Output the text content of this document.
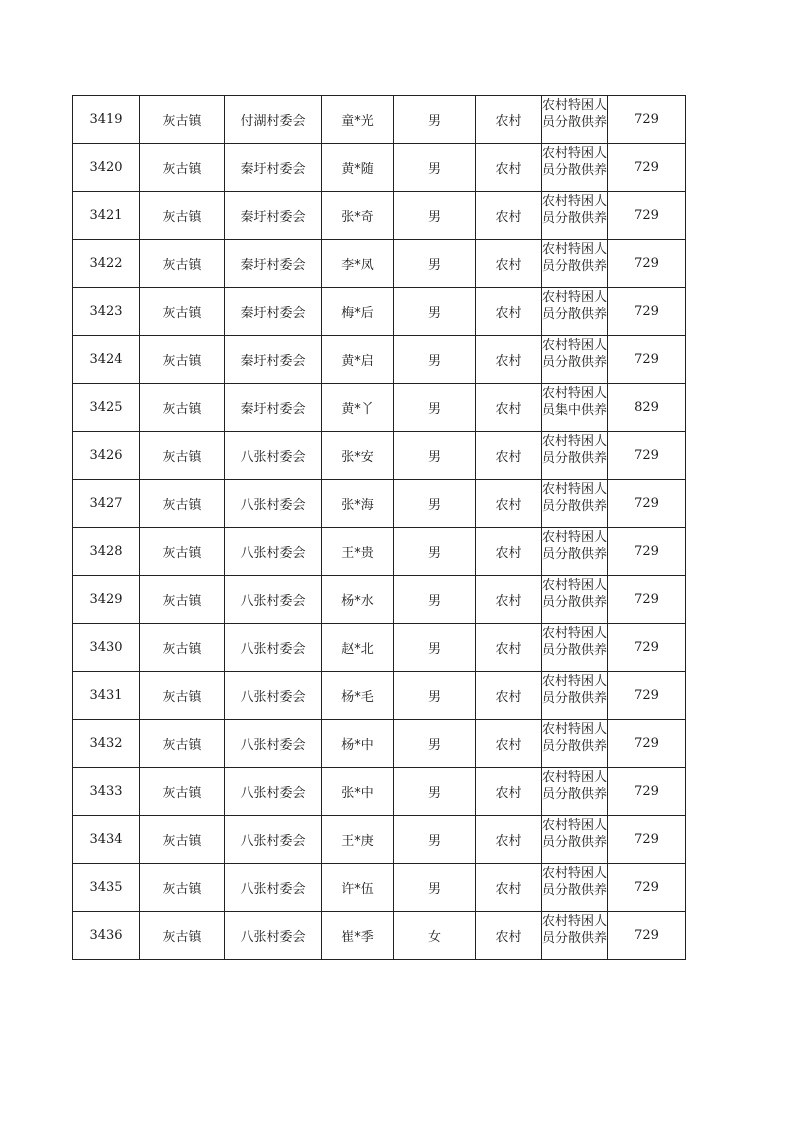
3419	灰古镇	付湖村委会	童*光	男	农村	农村特困人员分散供养	729
3420	灰古镇	秦圩村委会	黄*随	男	农村	农村特困人员分散供养	729
3421	灰古镇	秦圩村委会	张*奇	男	农村	农村特困人员分散供养	729
3422	灰古镇	秦圩村委会	李*凤	男	农村	农村特困人员分散供养	729
3423	灰古镇	秦圩村委会	梅*后	男	农村	农村特困人员分散供养	729
3424	灰古镇	秦圩村委会	黄*启	男	农村	农村特困人员分散供养	729
3425	灰古镇	秦圩村委会	黄*丫	男	农村	农村特困人员集中供养	829
3426	灰古镇	八张村委会	张*安	男	农村	农村特困人员分散供养	729
3427	灰古镇	八张村委会	张*海	男	农村	农村特困人员分散供养	729
3428	灰古镇	八张村委会	王*贵	男	农村	农村特困人员分散供养	729
3429	灰古镇	八张村委会	杨*水	男	农村	农村特困人员分散供养	729
3430	灰古镇	八张村委会	赵*北	男	农村	农村特困人员分散供养	729
3431	灰古镇	八张村委会	杨*毛	男	农村	农村特困人员分散供养	729
3432	灰古镇	八张村委会	杨*中	男	农村	农村特困人员分散供养	729
3433	灰古镇	八张村委会	张*中	男	农村	农村特困人员分散供养	729
3434	灰古镇	八张村委会	王*庚	男	农村	农村特困人员分散供养	729
3435	灰古镇	八张村委会	许*伍	男	农村	农村特困人员分散供养	729
3436	灰古镇	八张村委会	崔*季	女	农村	农村特困人员分散供养	729
